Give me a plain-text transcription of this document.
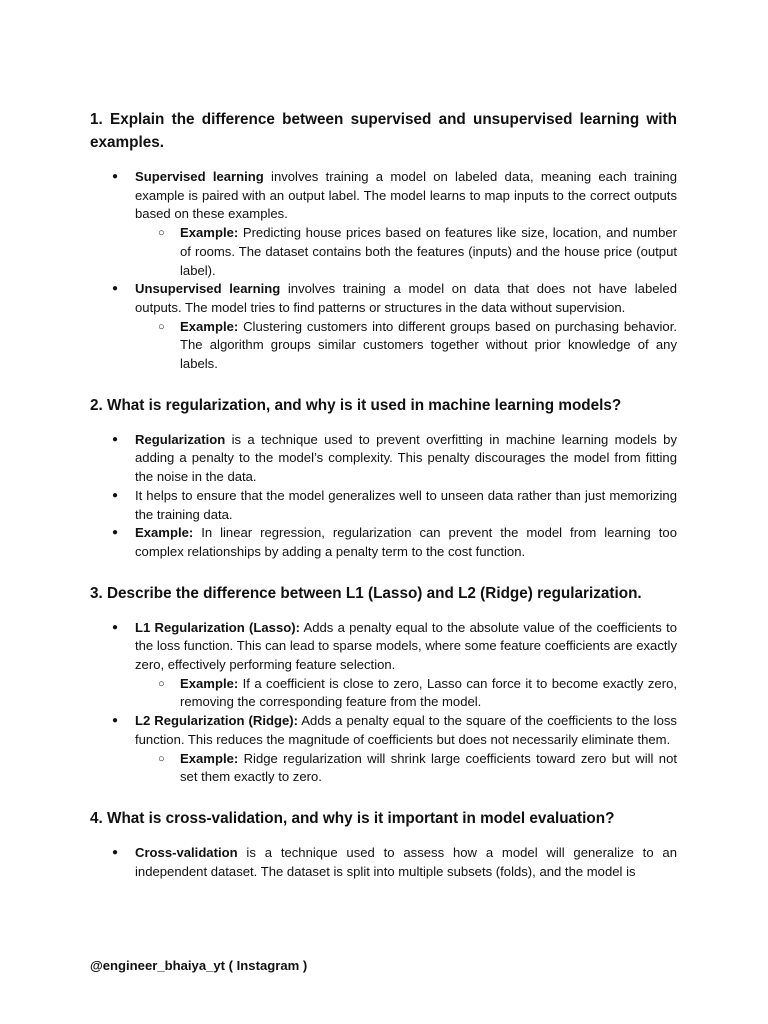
1. Explain the difference between supervised and unsupervised learning with examples.
● Supervised learning involves training a model on labeled data, meaning each training example is paired with an output label. The model learns to map inputs to the correct outputs based on these examples.
○ Example: Predicting house prices based on features like size, location, and number of rooms. The dataset contains both the features (inputs) and the house price (output label).
● Unsupervised learning involves training a model on data that does not have labeled outputs. The model tries to find patterns or structures in the data without supervision.
○ Example: Clustering customers into different groups based on purchasing behavior. The algorithm groups similar customers together without prior knowledge of any labels.
2. What is regularization, and why is it used in machine learning models?
● Regularization is a technique used to prevent overfitting in machine learning models by adding a penalty to the model’s complexity. This penalty discourages the model from fitting the noise in the data.
● It helps to ensure that the model generalizes well to unseen data rather than just memorizing the training data.
● Example: In linear regression, regularization can prevent the model from learning too complex relationships by adding a penalty term to the cost function.
3. Describe the difference between L1 (Lasso) and L2 (Ridge) regularization.
● L1 Regularization (Lasso): Adds a penalty equal to the absolute value of the coefficients to the loss function. This can lead to sparse models, where some feature coefficients are exactly zero, effectively performing feature selection.
○ Example: If a coefficient is close to zero, Lasso can force it to become exactly zero, removing the corresponding feature from the model.
● L2 Regularization (Ridge): Adds a penalty equal to the square of the coefficients to the loss function. This reduces the magnitude of coefficients but does not necessarily eliminate them.
○ Example: Ridge regularization will shrink large coefficients toward zero but will not set them exactly to zero.
4. What is cross-validation, and why is it important in model evaluation?
● Cross-validation is a technique used to assess how a model will generalize to an independent dataset. The dataset is split into multiple subsets (folds), and the model is
@engineer_bhaiya_yt ( Instagram )
